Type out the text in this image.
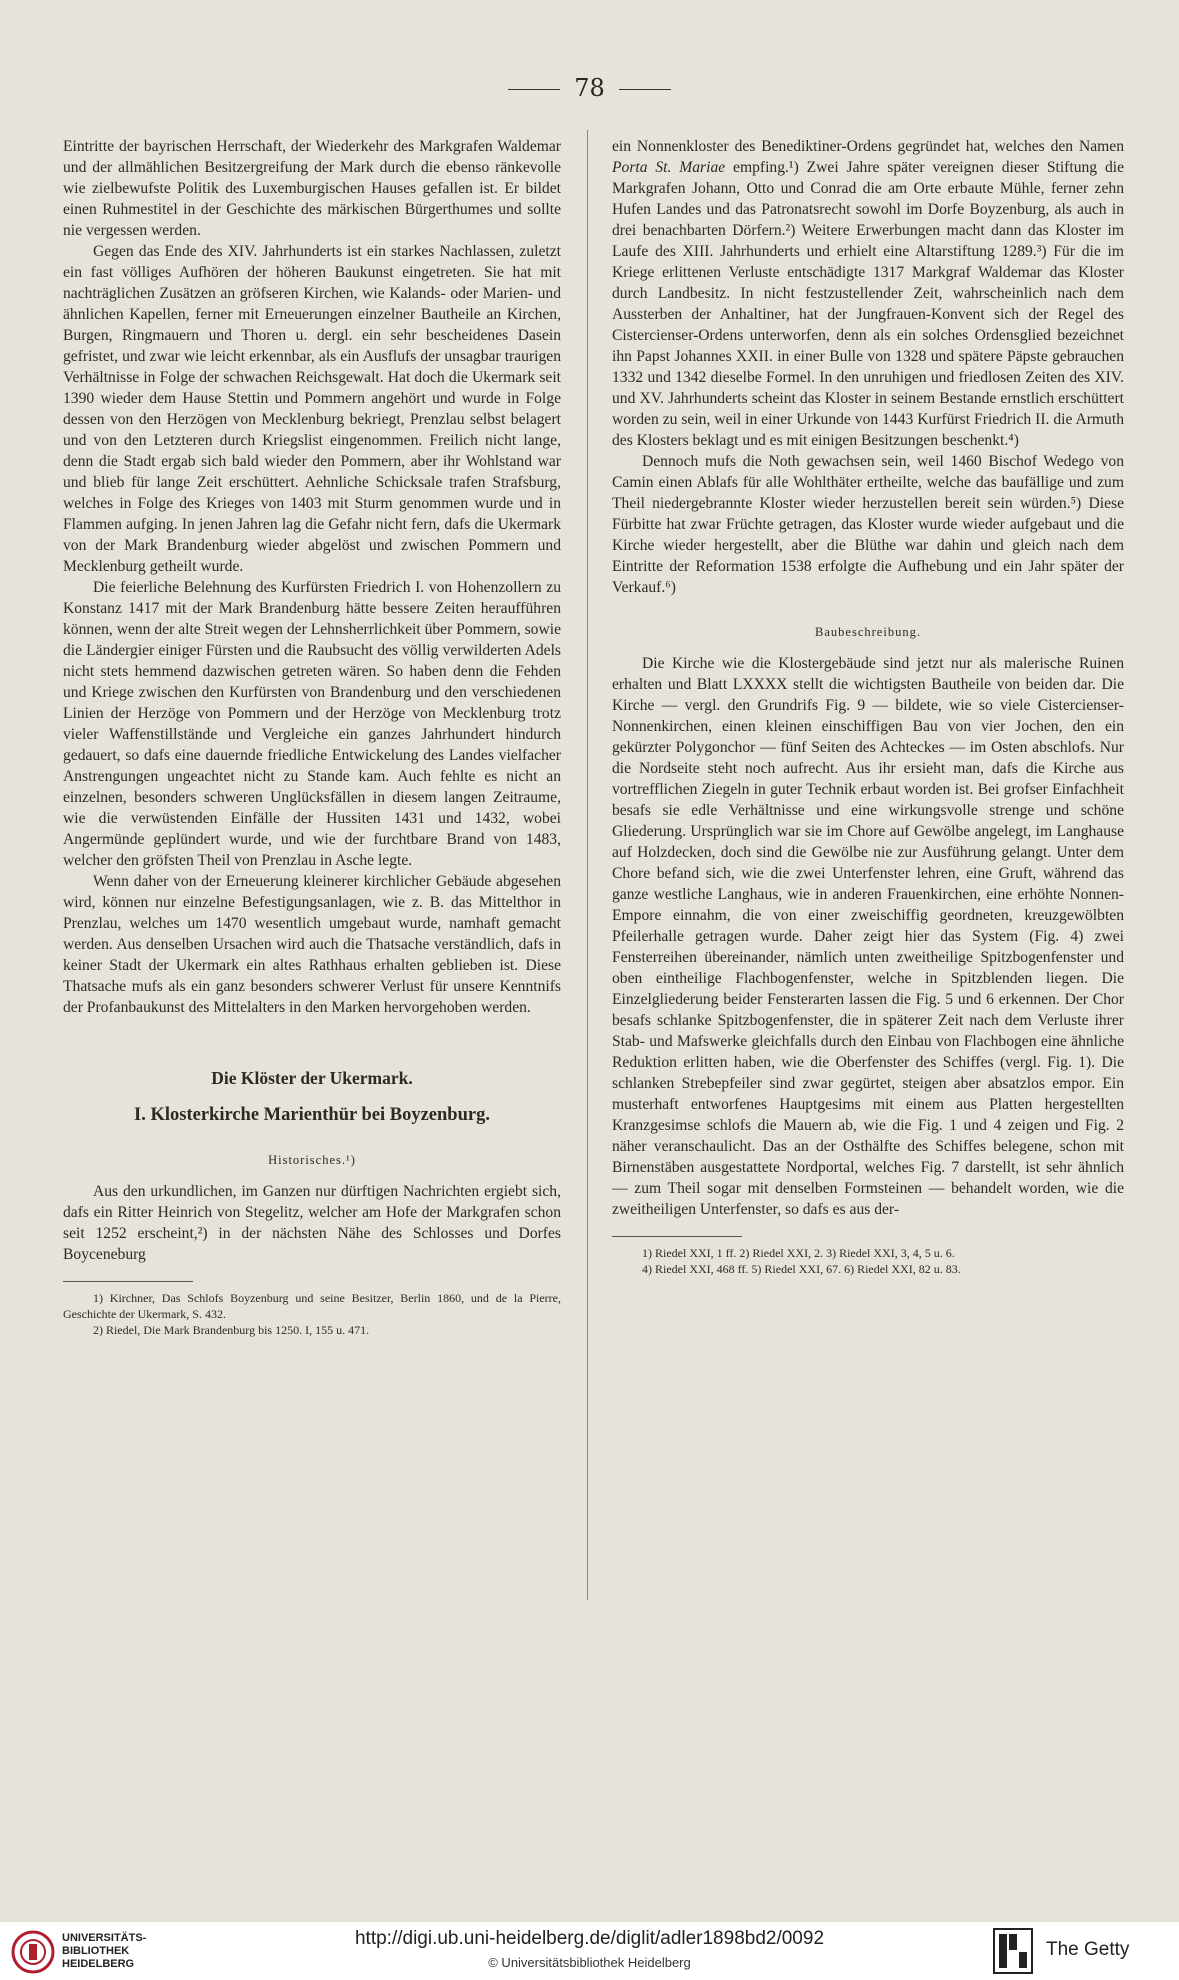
78

Eintritte der bayrischen Herrschaft, der Wiederkehr des Markgrafen Waldemar und der allmählichen Besitzergreifung der Mark durch die ebenso ränkevolle wie zielbewufste Politik des Luxemburgischen Hauses gefallen ist. Er bildet einen Ruhmestitel in der Geschichte des märkischen Bürgerthumes und sollte nie vergessen werden.

Gegen das Ende des XIV. Jahrhunderts ist ein starkes Nachlassen, zuletzt ein fast völliges Aufhören der höheren Baukunst eingetreten. Sie hat mit nachträglichen Zusätzen an gröfseren Kirchen, wie Kalands- oder Marien- und ähnlichen Kapellen, ferner mit Erneuerungen einzelner Bautheile an Kirchen, Burgen, Ringmauern und Thoren u. dergl. ein sehr bescheidenes Dasein gefristet, und zwar wie leicht erkennbar, als ein Ausflufs der unsagbar traurigen Verhältnisse in Folge der schwachen Reichsgewalt. Hat doch die Ukermark seit 1390 wieder dem Hause Stettin und Pommern angehört und wurde in Folge dessen von den Herzögen von Mecklenburg bekriegt, Prenzlau selbst belagert und von den Letzteren durch Kriegslist eingenommen. Freilich nicht lange, denn die Stadt ergab sich bald wieder den Pommern, aber ihr Wohlstand war und blieb für lange Zeit erschüttert. Aehnliche Schicksale trafen Strafsburg, welches in Folge des Krieges von 1403 mit Sturm genommen wurde und in Flammen aufging. In jenen Jahren lag die Gefahr nicht fern, dafs die Ukermark von der Mark Brandenburg wieder abgelöst und zwischen Pommern und Mecklenburg getheilt wurde.

Die feierliche Belehnung des Kurfürsten Friedrich I. von Hohenzollern zu Konstanz 1417 mit der Mark Brandenburg hätte bessere Zeiten heraufführen können, wenn der alte Streit wegen der Lehnsherrlichkeit über Pommern, sowie die Ländergier einiger Fürsten und die Raubsucht des völlig verwilderten Adels nicht stets hemmend dazwischen getreten wären. So haben denn die Fehden und Kriege zwischen den Kurfürsten von Brandenburg und den verschiedenen Linien der Herzöge von Pommern und der Herzöge von Mecklenburg trotz vieler Waffenstillstände und Vergleiche ein ganzes Jahrhundert hindurch gedauert, so dafs eine dauernde friedliche Entwickelung des Landes vielfacher Anstrengungen ungeachtet nicht zu Stande kam. Auch fehlte es nicht an einzelnen, besonders schweren Unglücksfällen in diesem langen Zeitraume, wie die verwüstenden Einfälle der Hussiten 1431 und 1432, wobei Angermünde geplündert wurde, und wie der furchtbare Brand von 1483, welcher den gröfsten Theil von Prenzlau in Asche legte.

Wenn daher von der Erneuerung kleinerer kirchlicher Gebäude abgesehen wird, können nur einzelne Befestigungsanlagen, wie z. B. das Mittelthor in Prenzlau, welches um 1470 wesentlich umgebaut wurde, namhaft gemacht werden. Aus denselben Ursachen wird auch die Thatsache verständlich, dafs in keiner Stadt der Ukermark ein altes Rathhaus erhalten geblieben ist. Diese Thatsache mufs als ein ganz besonders schwerer Verlust für unsere Kenntnifs der Profanbaukunst des Mittelalters in den Marken hervorgehoben werden.

Die Klöster der Ukermark.
I. Klosterkirche Marienthür bei Boyzenburg.
Historisches.¹)

Aus den urkundlichen, im Ganzen nur dürftigen Nachrichten ergiebt sich, dafs ein Ritter Heinrich von Stegelitz, welcher am Hofe der Markgrafen schon seit 1252 erscheint,²) in der nächsten Nähe des Schlosses und Dorfes Boyceneburg

1) Kirchner, Das Schlofs Boyzenburg und seine Besitzer, Berlin 1860, und de la Pierre, Geschichte der Ukermark, S. 432.

2) Riedel, Die Mark Brandenburg bis 1250. I, 155 u. 471.

ein Nonnenkloster des Benediktiner-Ordens gegründet hat, welches den Namen Porta St. Mariae empfing.¹) Zwei Jahre später vereignen dieser Stiftung die Markgrafen Johann, Otto und Conrad die am Orte erbaute Mühle, ferner zehn Hufen Landes und das Patronatsrecht sowohl im Dorfe Boyzenburg, als auch in drei benachbarten Dörfern.²) Weitere Erwerbungen macht dann das Kloster im Laufe des XIII. Jahrhunderts und erhielt eine Altarstiftung 1289.³) Für die im Kriege erlittenen Verluste entschädigte 1317 Markgraf Waldemar das Kloster durch Landbesitz. In nicht festzustellender Zeit, wahrscheinlich nach dem Aussterben der Anhaltiner, hat der Jungfrauen-Konvent sich der Regel des Cistercienser-Ordens unterworfen, denn als ein solches Ordensglied bezeichnet ihn Papst Johannes XXII. in einer Bulle von 1328 und spätere Päpste gebrauchen 1332 und 1342 dieselbe Formel. In den unruhigen und friedlosen Zeiten des XIV. und XV. Jahrhunderts scheint das Kloster in seinem Bestande ernstlich erschüttert worden zu sein, weil in einer Urkunde von 1443 Kurfürst Friedrich II. die Armuth des Klosters beklagt und es mit einigen Besitzungen beschenkt.⁴)

Dennoch mufs die Noth gewachsen sein, weil 1460 Bischof Wedego von Camin einen Ablafs für alle Wohlthäter ertheilte, welche das baufällige und zum Theil niedergebrannte Kloster wieder herzustellen bereit sein würden.⁵) Diese Fürbitte hat zwar Früchte getragen, das Kloster wurde wieder aufgebaut und die Kirche wieder hergestellt, aber die Blüthe war dahin und gleich nach dem Eintritte der Reformation 1538 erfolgte die Aufhebung und ein Jahr später der Verkauf.⁶)

Baubeschreibung.

Die Kirche wie die Klostergebäude sind jetzt nur als malerische Ruinen erhalten und Blatt LXXXX stellt die wichtigsten Bautheile von beiden dar. Die Kirche — vergl. den Grundrifs Fig. 9 — bildete, wie so viele Cistercienser-Nonnenkirchen, einen kleinen einschiffigen Bau von vier Jochen, den ein gekürzter Polygonchor — fünf Seiten des Achteckes — im Osten abschlofs. Nur die Nordseite steht noch aufrecht. Aus ihr ersieht man, dafs die Kirche aus vortrefflichen Ziegeln in guter Technik erbaut worden ist. Bei grofser Einfachheit besafs sie edle Verhältnisse und eine wirkungsvolle strenge und schöne Gliederung. Ursprünglich war sie im Chore auf Gewölbe angelegt, im Langhause auf Holzdecken, doch sind die Gewölbe nie zur Ausführung gelangt. Unter dem Chore befand sich, wie die zwei Unterfenster lehren, eine Gruft, während das ganze westliche Langhaus, wie in anderen Frauenkirchen, eine erhöhte Nonnen-Empore einnahm, die von einer zweischiffig geordneten, kreuzgewölbten Pfeilerhalle getragen wurde. Daher zeigt hier das System (Fig. 4) zwei Fensterreihen übereinander, nämlich unten zweitheilige Spitzbogenfenster und oben eintheilige Flachbogenfenster, welche in Spitzblenden liegen. Die Einzelgliederung beider Fensterarten lassen die Fig. 5 und 6 erkennen. Der Chor besafs schlanke Spitzbogenfenster, die in späterer Zeit nach dem Verluste ihrer Stab- und Mafswerke gleichfalls durch den Einbau von Flachbogen eine ähnliche Reduktion erlitten haben, wie die Oberfenster des Schiffes (vergl. Fig. 1). Die schlanken Strebepfeiler sind zwar gegürtet, steigen aber absatzlos empor. Ein musterhaft entworfenes Hauptgesims mit einem aus Platten hergestellten Kranzgesimse schlofs die Mauern ab, wie die Fig. 1 und 4 zeigen und Fig. 2 näher veranschaulicht. Das an der Osthälfte des Schiffes belegene, schon mit Birnenstäben ausgestattete Nordportal, welches Fig. 7 darstellt, ist sehr ähnlich — zum Theil sogar mit denselben Formsteinen — behandelt worden, wie die zweitheiligen Unterfenster, so dafs es aus der-

1) Riedel XXI, 1 ff. 2) Riedel XXI, 2. 3) Riedel XXI, 3, 4, 5 u. 6.

4) Riedel XXI, 468 ff. 5) Riedel XXI, 67. 6) Riedel XXI, 82 u. 83.

UNIVERSITÄTS-
BIBLIOTHEK
HEIDELBERG
http://digi.ub.uni-heidelberg.de/diglit/adler1898bd2/0092
© Universitätsbibliothek Heidelberg
The Getty
